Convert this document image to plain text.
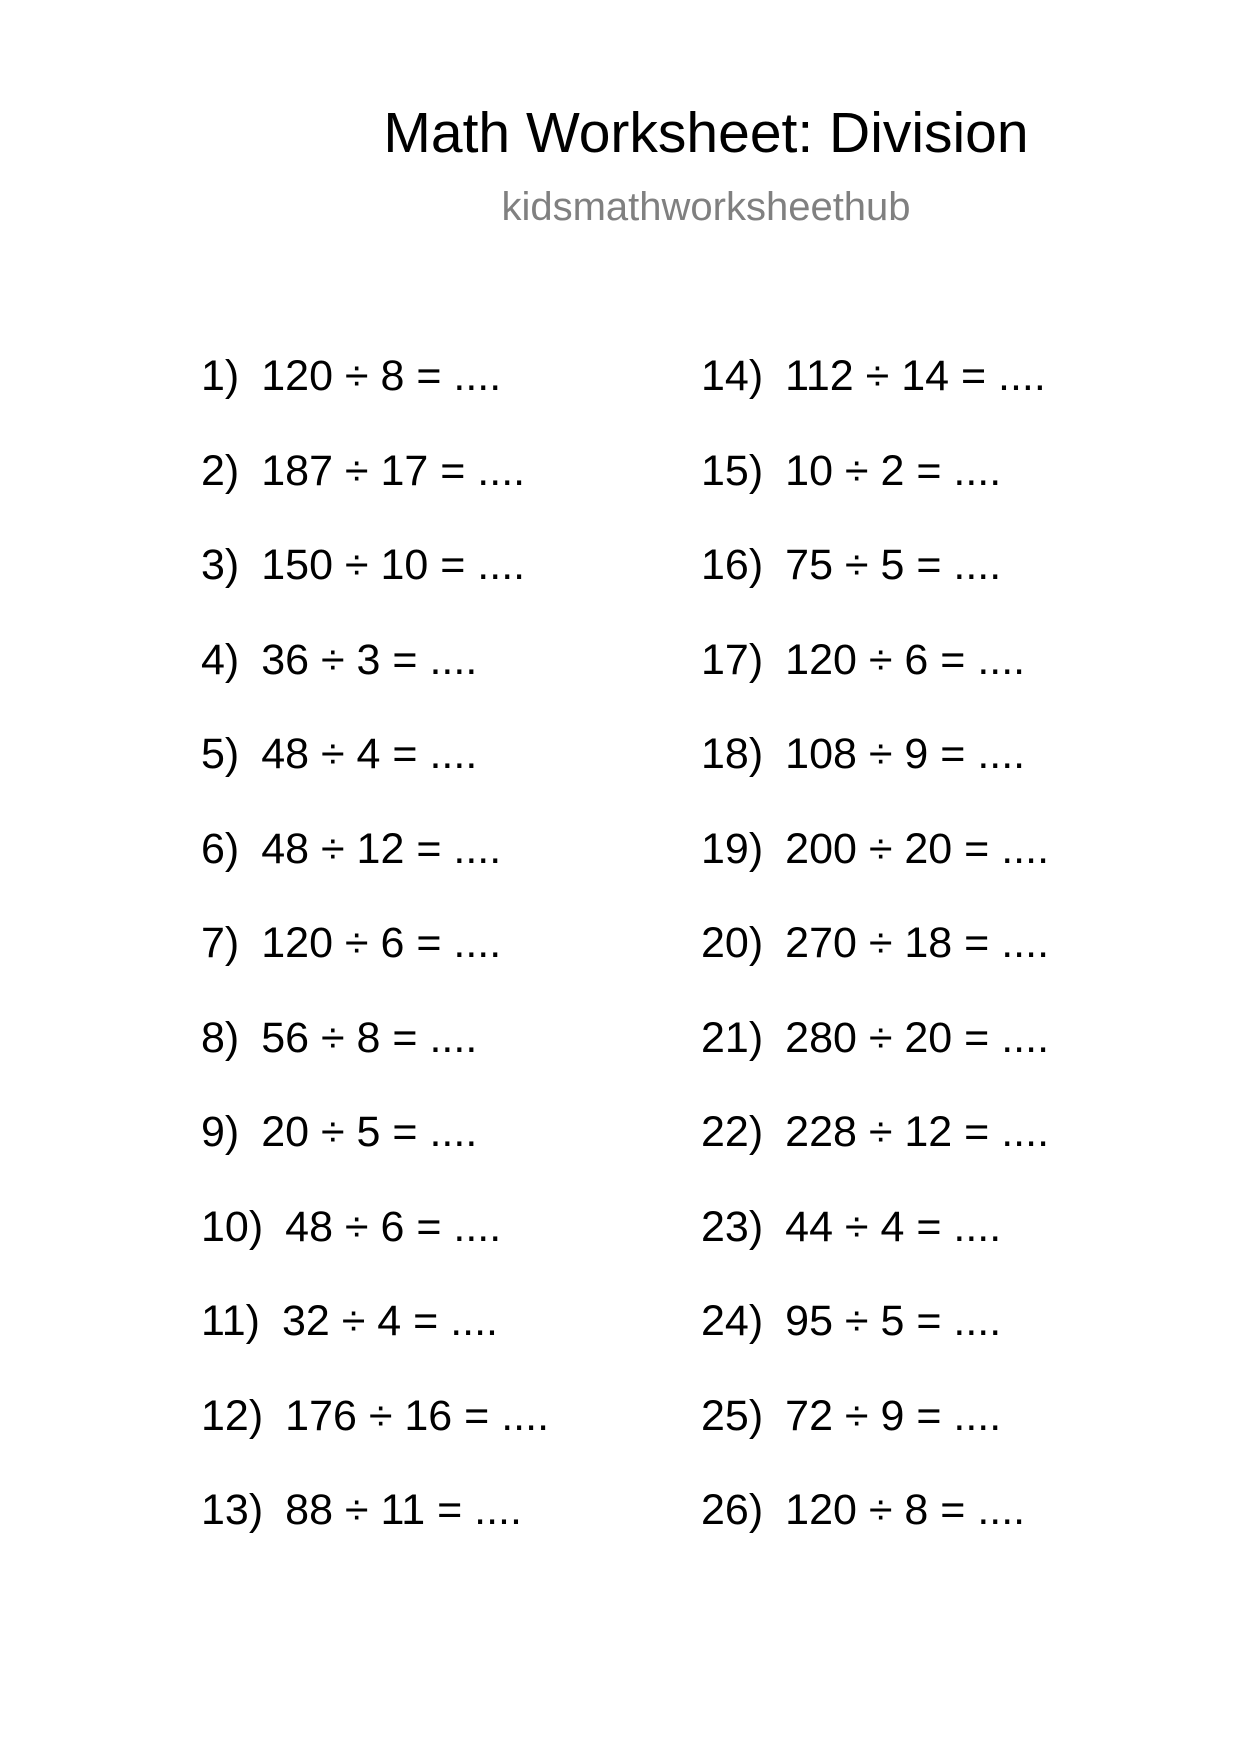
Math Worksheet: Division
kidsmathworksheethub
1) 120 ÷ 8 = ....
2) 187 ÷ 17 = ....
3) 150 ÷ 10 = ....
4) 36 ÷ 3 = ....
5) 48 ÷ 4 = ....
6) 48 ÷ 12 = ....
7) 120 ÷ 6 = ....
8) 56 ÷ 8 = ....
9) 20 ÷ 5 = ....
10) 48 ÷ 6 = ....
11) 32 ÷ 4 = ....
12) 176 ÷ 16 = ....
13) 88 ÷ 11 = ....
14) 112 ÷ 14 = ....
15) 10 ÷ 2 = ....
16) 75 ÷ 5 = ....
17) 120 ÷ 6 = ....
18) 108 ÷ 9 = ....
19) 200 ÷ 20 = ....
20) 270 ÷ 18 = ....
21) 280 ÷ 20 = ....
22) 228 ÷ 12 = ....
23) 44 ÷ 4 = ....
24) 95 ÷ 5 = ....
25) 72 ÷ 9 = ....
26) 120 ÷ 8 = ....
